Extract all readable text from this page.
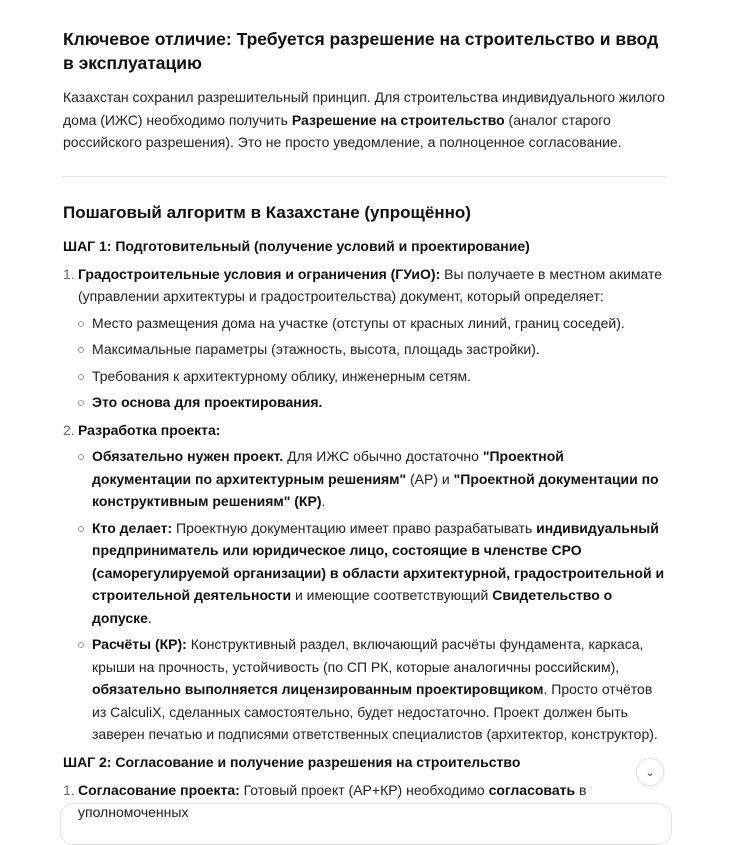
Ключевое отличие: Требуется разрешение на строительство и ввод в эксплуатацию

Казахстан сохранил разрешительный принцип. Для строительства индивидуального жилого дома (ИЖС) необходимо получить Разрешение на строительство (аналог старого российского разрешения). Это не просто уведомление, а полноценное согласование.

Пошаговый алгоритм в Казахстане (упрощённо)

ШАГ 1: Подготовительный (получение условий и проектирование)

1. Градостроительные условия и ограничения (ГУиО): Вы получаете в местном акимате (управлении архитектуры и градостроительства) документ, который определяет:
Место размещения дома на участке (отступы от красных линий, границ соседей).
Максимальные параметры (этажность, высота, площадь застройки).
Требования к архитектурному облику, инженерным сетям.
Это основа для проектирования.
2. Разработка проекта:
Обязательно нужен проект. Для ИЖС обычно достаточно "Проектной документации по архитектурным решениям" (АР) и "Проектной документации по конструктивным решениям" (КР).
Кто делает: Проектную документацию имеет право разрабатывать индивидуальный предприниматель или юридическое лицо, состоящие в членстве СРО (саморегулируемой организации) в области архитектурной, градостроительной и строительной деятельности и имеющие соответствующий Свидетельство о допуске.
Расчёты (КР): Конструктивный раздел, включающий расчёты фундамента, каркаса, крыши на прочность, устойчивость (по СП РК, которые аналогичны российским), обязательно выполняется лицензированным проектировщиком. Просто отчётов из CalculiX, сделанных самостоятельно, будет недостаточно. Проект должен быть заверен печатью и подписями ответственных специалистов (архитектор, конструктор).

ШАГ 2: Согласование и получение разрешения на строительство

1. Согласование проекта: Готовый проект (АР+КР) необходимо согласовать в уполномоченных
⌄
